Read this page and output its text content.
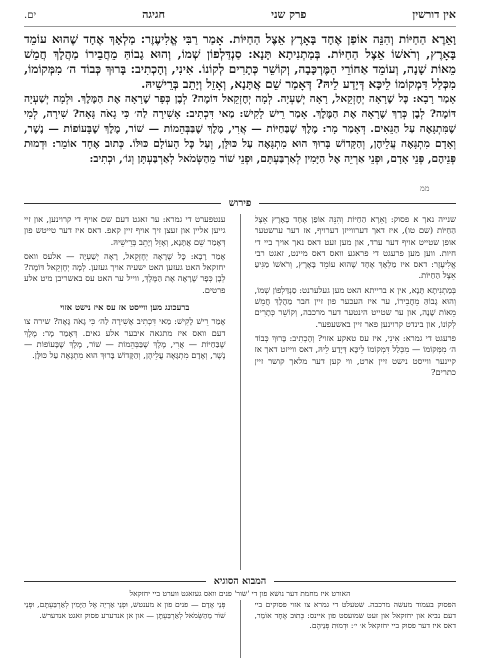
אין דורשין
פרק שני
חגיגה
ים.

וָאֵרֶא הַחַיּוֹת וְהִנֵּה אוֹפַן אֶחָד בָּאָרֶץ אֵצֶל הַחַיּוֹת. אָמַר רַבִּי אֱלִיעֶזֶר: מַלְאָךְ אֶחָד שֶׁהוּא עוֹמֵד בָּאָרֶץ, וְרֹאשׁוֹ אֵצֶל הַחַיּוֹת. בְּמַתְנִיתָא תָּנָא: סַנְדַּלְפוֹן שְׁמוֹ, וְהוּא גָבוֹהַּ מֵחֲבֵירוֹ מַהֲלָךְ חֲמֵשׁ מֵאוֹת שָׁנָה, וְעוֹמֵד אַחוֹרֵי הַמֶּרְכָּבָה, וְקוֹשֵׁר כְּתָרִים לְקוֹנוֹ. אִינִי, וְהָכְתִיב: בָּרוּךְ כְּבוֹד ה׳ מִמְּקוֹמוֹ, מִכְּלַל דִּמְקוֹמוֹ לֵיכָּא דְּיָדַע לֵיהּ? דְּאָמַר שֵׁם אֲתָּנָא, וְאָזֵל וְיָתֵב בְּרֵישֵׁיהּ.

אָמַר רָבָא: כׇּל שֶׁרָאָה יְחֶזְקֵאל, רָאָה יְשַׁעְיָה. לְמָה יְחֶזְקֵאל דּוֹמֶה? לְבֶן כְּפָר שֶׁרָאָה אֶת הַמֶּלֶךְ. וּלְמָה יְשַׁעְיָה דּוֹמֶה? לְבֶן כְּרַךְ שֶׁרָאָה אֶת הַמֶּלֶךְ. אָמַר רֵישׁ לָקִישׁ: מַאי דִּכְתִיב: אָשִׁירָה לַה׳ כִּי גָאֹה גָּאָה? שִׁירָה, לְמִי שֶׁמִּתְגָּאֶה עַל הַגֵּאִים. דְּאָמַר מָר: מֶלֶךְ שֶׁבַּחַיּוֹת — אֲרִי, מֶלֶךְ שֶׁבַּבְּהֵמוֹת — שׁוֹר, מֶלֶךְ שֶׁבָּעוֹפוֹת — נֶשֶׁר, וְאָדָם מִתְגָּאֶה עֲלֵיהֶן, וְהַקָּדוֹשׁ בָּרוּךְ הוּא מִתְגָּאֶה עַל כּוּלָּן, וְעַל כׇּל הָעוֹלָם כּוּלּוֹ. כְּתוּב אֶחָד אוֹמֵר: וּדְמוּת פְּנֵיהֶם, פְּנֵי אָדָם, וּפְנֵי אַרְיֵה אֶל הַיָּמִין לְאַרְבַּעְתָּם, וּפְנֵי שׁוֹר מֵהַשְּׂמֹאל לְאַרְבַּעְתָּן וְגוֹ׳, וּכְתִיב:

ממ
פירוש

שנייה נאך א פסוק: וָאֵרֶא הַחַיּוֹת וְהִנֵּה אוֹפַן אֶחָד בָּאָרֶץ אֵצֶל הַחַיּוֹת (שם טו), איז דאך דערווייזן דערויף, אז דער ערשטער אופן שטייט אויף דער ערד, און מען זעט דאס נאך אויך ביי די חיות. ווען מען פרעגט די פראגע וואס דאס מיינט, זאגט רבי אֱלִיעֶזֶר: דאס איז מַלְאָךְ אֶחָד שֶׁהוּא עוֹמֵד בָּאָרֶץ, וְרֹאשׁוֹ מַגִּיעַ אֵצֶל הַחַיּוֹת.

בְּמַתְנִיתָא תָּנָא, אין א ברייתא האט מען געלערנט: סַנְדַּלְפוֹן שְׁמוֹ, וְהוּא גָבוֹהַּ מֵחֲבֵירוֹ, ער איז העכער פון זיין חבר מַהֲלָךְ חֲמֵשׁ מֵאוֹת שָׁנָה, און ער שטייט הינטער דער מרכבה, וְקוֹשֵׁר כְּתָרִים לְקוֹנוֹ, און בינדט קרוינען פאר זיין באשעפער.

פרעגט די גמרא: אִינִי, איז עס טאקע אזוי? וְהָכְתִיב: בָּרוּךְ כְּבוֹד ה׳ מִמְּקוֹמוֹ — מִכְּלַל דִּמְקוֹמוֹ לֵיכָּא דְּיָדַע לֵיהּ, דאס ווייזט דאך אז קיינער ווייסט נישט זיין ארט, ווי קען דער מלאך קושר זיין כתרים?

ענטפערט די גמרא: ער זאגט דעם שם אויף די קרוינען, און זיי גייען אליין און זעצן זיך אויף זיין קאפ. דאס איז דער טייטש פון דְּאָמַר שֵׁם אֲתָּנָא, וְאָזֵל וְיָתֵב בְּרֵישֵׁיהּ.

אָמַר רָבָא: כׇּל שֶׁרָאָה יְחֶזְקֵאל, רָאָה יְשַׁעְיָה — אלעס וואס יחזקאל האט געזען האט ישעיה אויך געזען. לְמָה יְחֶזְקֵאל דּוֹמֶה? לְבֶן כְּפָר שֶׁרָאָה אֶת הַמֶּלֶךְ, ווייל ער האט עס באשריבן מיט אלע פרטים.

ברעכונג מען ווייסט אז עס איז נישט אזוי

אָמַר רֵישׁ לָקִישׁ: מַאי דִּכְתִיב אָשִׁירָה לַה׳ כִּי גָאֹה גָּאָה? שירה צו דעם וואס איז מתגאה איבער אלע גאים. דְּאָמַר מָר: מֶלֶךְ שֶׁבַּחַיּוֹת — אֲרִי, מֶלֶךְ שֶׁבַּבְּהֵמוֹת — שׁוֹר, מֶלֶךְ שֶׁבָּעוֹפוֹת — נֶשֶׁר, וְאָדָם מִתְגָּאֶה עֲלֵיהֶן, וְהַקָּדוֹשׁ בָּרוּךְ הוּא מִתְגָּאֶה עַל כּוּלָּן.

המבוא הסוגיא
האורט איז מחמת דער נושא פון די 'שור' פנים וואס געזאגט ווערט ביי יחזקאל
הפסוק בעמוד מעשה מרכבה. שטעלט די גמרא צו אזוי פסוקים ביי דעם נביא און יחזקאל און זעט שמועסט פון איינס: כְּתוּב אֶחָד אוֹמֵר, דאס איז דער פסוק ביי יחזקאל א׳ י׳: וּדְמוּת פְּנֵיהֶם.
פְּנֵי אָדָם — פנים פון א מענטש, וּפְנֵי אַרְיֵה אֶל הַיָּמִין לְאַרְבַּעְתָּם, וּפְנֵי שׁוֹר מֵהַשְּׂמֹאל לְאַרְבַּעְתָּן — און אן אנדערע פסוק זאגט אנדערש.
